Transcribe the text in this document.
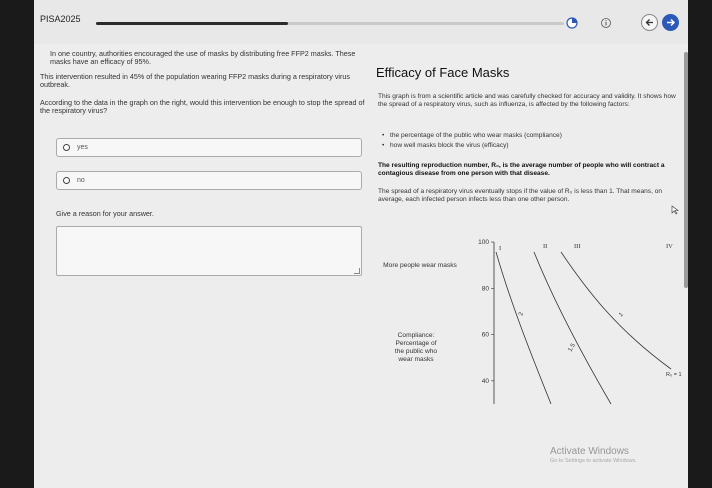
PISA2025
In one country, authorities encouraged the use of masks by distributing free FFP2 masks. These masks have an efficacy of 95%.
This intervention resulted in 45% of the population wearing FFP2 masks during a respiratory virus outbreak.
According to the data in the graph on the right, would this intervention be enough to stop the spread of the respiratory virus?
yes
no
Give a reason for your answer.
Efficacy of Face Masks
This graph is from a scientific article and was carefully checked for accuracy and validity. It shows how the spread of a respiratory virus, such as influenza, is affected by the following factors:
• the percentage of the public who wear masks (compliance)
• how well masks block the virus (efficacy)
The resulting reproduction number, R₀, is the average number of people who will contract a contagious disease from one person with that disease.
The spread of a respiratory virus eventually stops if the value of R₀ is less than 1. That means, on average, each infected person infects less than one other person.
More people wear masks
Compliance:
Percentage of
the public who
wear masks
100
80
60
40
I	II	III	IV
2
1.5
1
R₀ = 1
Activate Windows
Go to Settings to activate Windows.
